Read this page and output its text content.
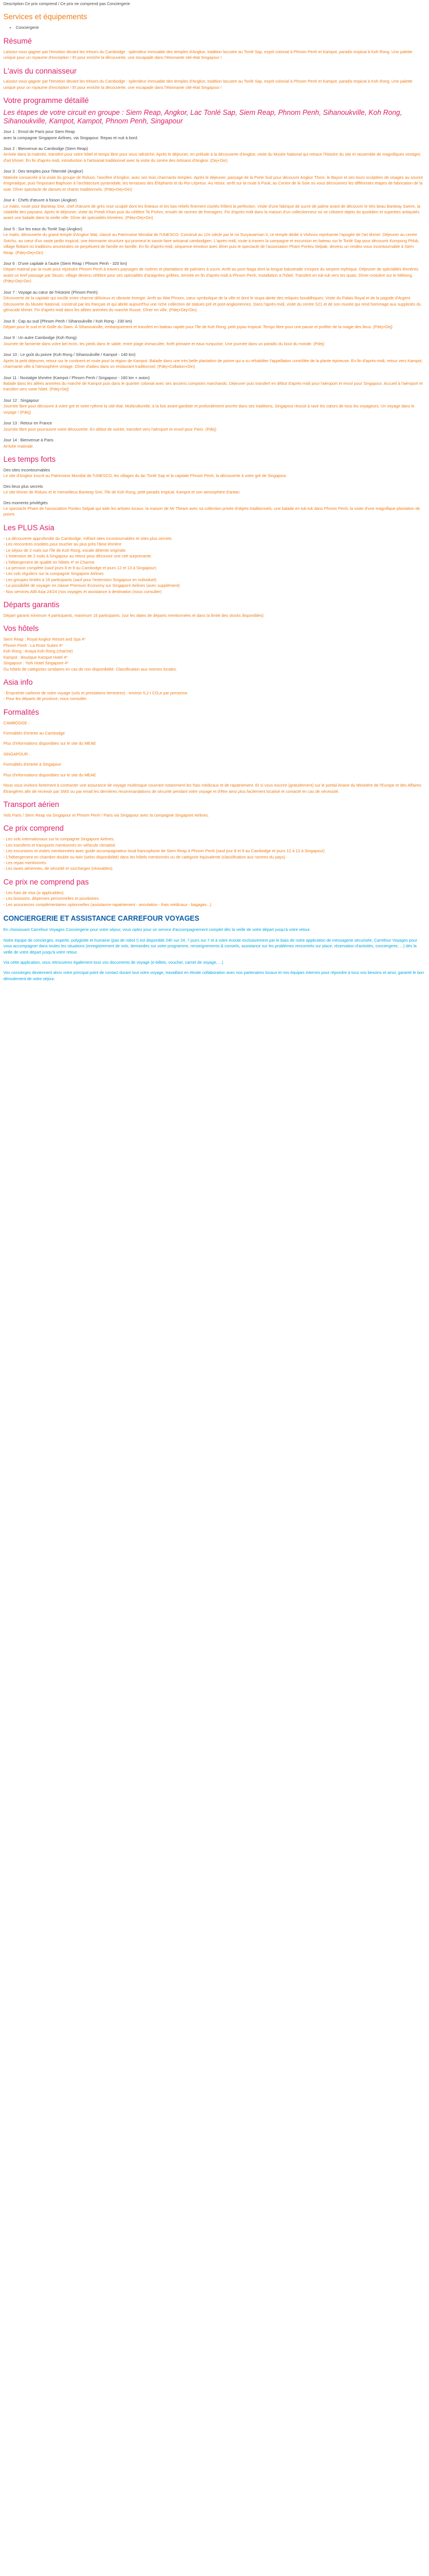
Description Ce prix comprend / Ce prix ne comprend pas Conciergerie

Services et équipements
• Conciergerie
Résumé

Laissez-vous gagner par l'émotion devant les trésors du Cambodge : splendeur immuable des temples d'Angkor, tradition lacustre au Tonlé Sap, esprit colonial à Phnom Penh et Kampot, paradis tropical à Koh Rong. Une palette unique pour un royaume d'exception ! Et pour enrichir la découverte, une escapade dans l'étonnante cité-état Singapour !

L'avis du connaisseur

Laissez-vous gagner par l'émotion devant les trésors du Cambodge : splendeur immuable des temples d'Angkor, tradition lacustre au Tonlé Sap, esprit colonial à Phnom Penh et Kampot, paradis tropical à Koh Rong. Une palette unique pour un royaume d'exception ! Et pour enrichir la découverte, une escapade dans l'étonnante cité-état Singapour !

Votre programme détaillé
Les étapes de votre circuit en groupe : Siem Reap, Angkor, Lac Tonlé Sap, Siem Reap, Phnom Penh, Sihanoukville, Koh Rong, Sihanoukville, Kampot, Kampot, Phnom Penh, Singapour

Jour 1 : Envol de Paris pour Siem Reap

avec la compagnie Singapore Airlines, via Singapour. Repas et nuit à bord.

Jour 2 : Bienvenue au Cambodge (Siem Reap)

Arrivée dans la matinée, transfert pour votre hôtel et temps libre pour vous rafraîchir. Après le déjeuner, en prélude à la découverte d'Angkor, visite du Musée National qui retrace l'histoire du site et rassemble de magnifiques vestiges d'art khmer. En fin d'après-midi, introduction à l'artisanat traditionnel avec la visite du centre des Artisans d'Angkor. (Dej+Din)

Jour 3 : Des temples pour l'éternité (Angkor)

Matinée consacrée à la visite du groupe de Roluos, l'ancêtre d'Angkor, avec ses trois charmants temples. Après le déjeuner, passage de la Porte Sud pour découvrir Angkor Thom, le Bayon et ses tours sculptées de visages au sourire énigmatique, puis l'imposant Baphuon à l'architecture pyramidale, les terrasses des Éléphants et du Roi Lépreux. Au retour, arrêt sur la route à Pouk, au Centre de la Soie où vous découvrirez les différentes étapes de fabrication de la soie. Dîner spectacle de danses et chants traditionnels. (Pdej+Dej+Din)

Jour 4 : Chefs d'œuvre à foison (Angkor)

Le matin, route pour Banteay Srei, chef d'œuvre de grès rose sculpté dont les linteaux et les bas-reliefs finement ciselés frôlent la perfection. Visite d'une fabrique de sucre de palme avant de découvrir le très beau Banteay Samre, la citadelle des paysans. Après le déjeuner, visite du Preah Khan puis du célèbre Ta Prohm, envahi de racines de fromagers. Fin d'après-midi dans la maison d'un collectionneur où se côtoient objets du quotidien et superbes antiquités avant une balade dans la vieille ville. Dîner de spécialités khmères. (Pdej+Dej+Din)

Jour 5 : Sur les eaux du Tonlé Sap (Angkor)

Le matin, découverte du grand temple d'Angkor Wat, classé au Patrimoine Mondial de l'UNESCO. Construit au 12e siècle par le roi Suryavarman II, ce temple dédié à Vishnou représente l'apogée de l'art khmer. Déjeuner au centre Sotchu, au cœur d'un vaste jardin tropical, une étonnante structure qui promeut le savoir-faire artisanal cambodgien. L'après-midi, route à travers la campagne et excursion en bateau sur le Tonlé Sap pour découvrir Kompong Phluk, village flottant où traditions ancestrales se perpétuent de famille en famille. En fin d'après-midi, séquence émotion avec dîner puis le spectacle de l'association Phare Ponleu Selpak, devenu un rendez-vous incontournable à Siem Reap. (Pdej+Dej+Din)

Jour 6 : D'une capitale à l'autre (Siem Reap / Phnom Penh - 320 km)

Départ matinal par la route pour rejoindre Phnom Penh à travers paysages de rizières et plantations de palmiers à sucre. Arrêt au pont Naga dont la longue balustrade s'inspire du serpent mythique. Déjeuner de spécialités khmères avant un bref passage par Skuon, village devenu célèbre pour ses spécialités d'araignées grillées. Arrivée en fin d'après-midi à Phnom Penh. Installation à l'hôtel. Transfert en tuk-tuk vers les quais. Dîner-croisière sur le Mékong. (Pdej+Dej+Din)

Jour 7 : Voyage au cœur de l'Histoire (Phnom Penh)

Découverte de la capitale qui oscille entre charme délicieux et vibrante énergie. Arrêt au Wat Phnom, cœur symbolique de la ville et dont le stupa abrite des reliques bouddhiques. Visite du Palais Royal et de la pagode d'Argent. Découverte du Musée National, construit par les français et qui abrite aujourd'hui une riche collection de statues pré et post-angkoriennes. Dans l'après-midi, visite du centre S21 et de son musée qui rend hommage aux suppliciés du génocide khmer. Fin d'après-midi dans les allées animées du marché Russe. Dîner en ville. (Pdej+Dej+Din)

Jour 8 : Cap au sud (Phnom Penh / Sihanoukville / Koh Rong - 230 km)

Départ pour le sud et le Golfe du Siam. À Sihanoukville, embarquement et transfert en bateau rapide pour l'île de Koh Rong, petit joyau tropical. Temps libre pour une pause et profiter de la magie des lieux. (Pdej+Dej)

Jour 9 : Un autre Cambodge (Koh Rong)

Journée de farniente dans votre bel écrin, les pieds dans le sable, entre plage immaculée, forêt primaire et eaux turquoise. Une journée dans un paradis du bout du monde. (Pdej)

Jour 10 : Le goût du poivre (Koh Rong / Sihanoukville / Kampot - 140 km)

Après la petit déjeuner, retour sur le continent et route pour la région de Kampot. Balade dans une très belle plantation de poivre qui a su réhabiliter l'appellation contrôlée de la plante épineuse. En fin d'après-midi, retour vers Kampot, charmante ville à l'atmosphère vintage. Dîner d'adieu dans un restaurant traditionnel. (Pdej+Collation+Din)

Jour 11 : Nostalgie khmère (Kampot / Phnom Penh / Singapour - 160 km + avion)

Balade dans les allées animées du marché de Kampot puis dans le quartier colonial avec ses anciens comptoirs marchands. Déjeuner puis transfert en début d'après-midi pour l'aéroport et envol pour Singapour. Accueil à l'aéroport et transfert vers votre hôtel. (Pdej+Dej)

Jour 12 : Singapour

Journée libre pour découvrir à votre gré et votre rythme la cité-état. Multiculturelle, à la fois avant-gardiste et profondément ancrée dans ses traditions, Singapour réussit à ravir les cœurs de tous les voyageurs. Un voyage dans le voyage ! (Pdej)

Jour 13 : Retour en France

Journée libre pour poursuivre votre découverte. En début de soirée, transfert vers l'aéroport et envol pour Paris. (Pdej)

Jour 14 : Bienvenue à Paris

Arrivée matinale.

Les temps forts

Des sites incontournables

Le site d'Angkor inscrit au Patrimoine Mondial de l'UNESCO, les villages du lac Tonlé Sap et la capitale Phnom Penh, la découverte à votre gré de Singapour.

Des lieux plus secrets

Le site khmer de Roluos et le merveilleux Banteay Srei, l'île de Koh Rong, petit paradis tropical, Kampot et son atmosphère d'antan.

Des moments privilégiés

Le spectacle Phare de l'association Ponleu Selpak qui aide les artistes locaux, la maison de Mr Theam avec sa collection privée d'objets traditionnels, une balade en tuk-tuk dans Phnom Penh, la visite d'une magnifique plantation de poivre.

Les PLUS Asia

- La découverte approfondie du Cambodge, mêlant sites incontournables et sites plus secrets

- Les rencontres insolites pour toucher au plus près l'âme khmère

- Le séjour de 2 nuits sur l'île de Koh Rong, escale détente originale.

- L'extension de 2 nuits à Singapour au retour pour découvrir une cité surprenante.

- L'hébergement de qualité en hôtels 4* et Charme

- La pension complète (sauf jours 8 et 9 au Cambodge et jours 12 et 13 à Singapour)

- Les vols réguliers sur la compagnie Singapore Airlines

- Les groupes limités à 16 participants (sauf pour l'extension Singapour en individuel)

- La possibilité de voyager en classe Premium Economy sur Singapore Airlines (avec supplément)

- Nos services Allô Asia 24/24 (nos voyages et assistance à destination (nous consulter)

Départs garantis

Départ garanti minimum 4 participants, maximum 16 participants. (sur les dates de départs mentionnées et dans la limite des stocks disponibles)

Vos hôtels

Siem Reap : Royal Angkor Resort and Spa 4*

Phnom Penh : La Rose Suites 4*

Koh Rong : Anaya Koh Rong (charme)

Kampot : Boutique Kampot Hotel 4*

Singapour : York Hotel Singapore 4*

Ou hôtels de catégories similaires en cas de non disponibilité. Classification aux normes locales.

Asia info

- Empreinte carbone de votre voyage (vols et prestations terrestres) : environ 5,2 t CO₂e par personne.

- Pour les départs de province, nous consulter.

Formalités

CAMBODGE :

Formalités d'entrée au Cambodge

Plus d'informations disponibles sur le site du MEAE

SINGAPOUR :

Formalités d'entrée à Singapour

Plus d'informations disponibles sur le site du MEAE

Nous vous invitons fortement à contracter une assurance de voyage multirisque couvrant notamment les frais médicaux et de rapatriement. Et si vous inscrire (gratuitement) sur le portail Ariane du Ministère de l'Europe et des Affaires Étrangères afin de recevoir par SMS ou par email les dernières recommandations de sécurité pendant votre voyage et d'être ainsi plus facilement localisé et contacté en cas de nécessité.

Transport aérien

Vols Paris / Siem Reap via Singapour et Phnom Penh / Paris via Singapour avec la compagnie Singapore Airlines.

Ce prix comprend

- Les vols internationaux sur la compagnie Singapore Airlines.

- Les transferts et transports mentionnés en véhicule climatisé.

- Les excursions et visites mentionnées avec guide accompagnateur local francophone de Siem Reap à Phnom Penh (sauf jour 8 et 9 au Cambodge et jours 12 à 13 à Singapour)

- L'hébergement en chambre double ou twin (selon disponibilité) dans les hôtels mentionnés ou de catégorie équivalente (classification aux normes du pays).

- Les repas mentionnés.

- Les taxes aériennes, de sécurité et surcharges (révisables).

Ce prix ne comprend pas

- Les frais de visa (si applicables)

- Les boissons, dépenses personnelles et pourboires.

- Les assurances complémentaires optionnelles (assistance-rapatriement - annulation - frais médicaux - bagages...)

CONCIERGERIE ET ASSISTANCE CARREFOUR VOYAGES

En choisissant Carrefour Voyages Conciergerie pour votre séjour, vous optez pour un service d'accompagnement complet dès la veille de votre départ jusqu'à votre retour.

Notre équipe de concierges, experte, polyglotte et humaine (pas de robot !) est disponible 24h sur 24, 7 jours sur 7 et à votre écoute exclusivement par le biais de notre application de messagerie sécurisée, Carrefour Voyages pour vous accompagner dans toutes les situations (enregistrement de vols, demandes sur votre programme, renseignements & conseils, assistance sur les problèmes rencontrés sur place, réservation d'activités, conciergerie, ...) dès la veille de votre départ jusqu'à votre retour.

Via cette application, vous retrouverez également tous vos documents de voyage (e-billets, voucher, carnet de voyage, ...)

Vos concierges deviennent alors votre principal point de contact durant tout votre voyage, travaillant en étroite collaboration avec nos partenaires locaux et nos équipes internes pour répondre à tous vos besoins et ainsi, garantir le bon déroulement de votre séjour.
